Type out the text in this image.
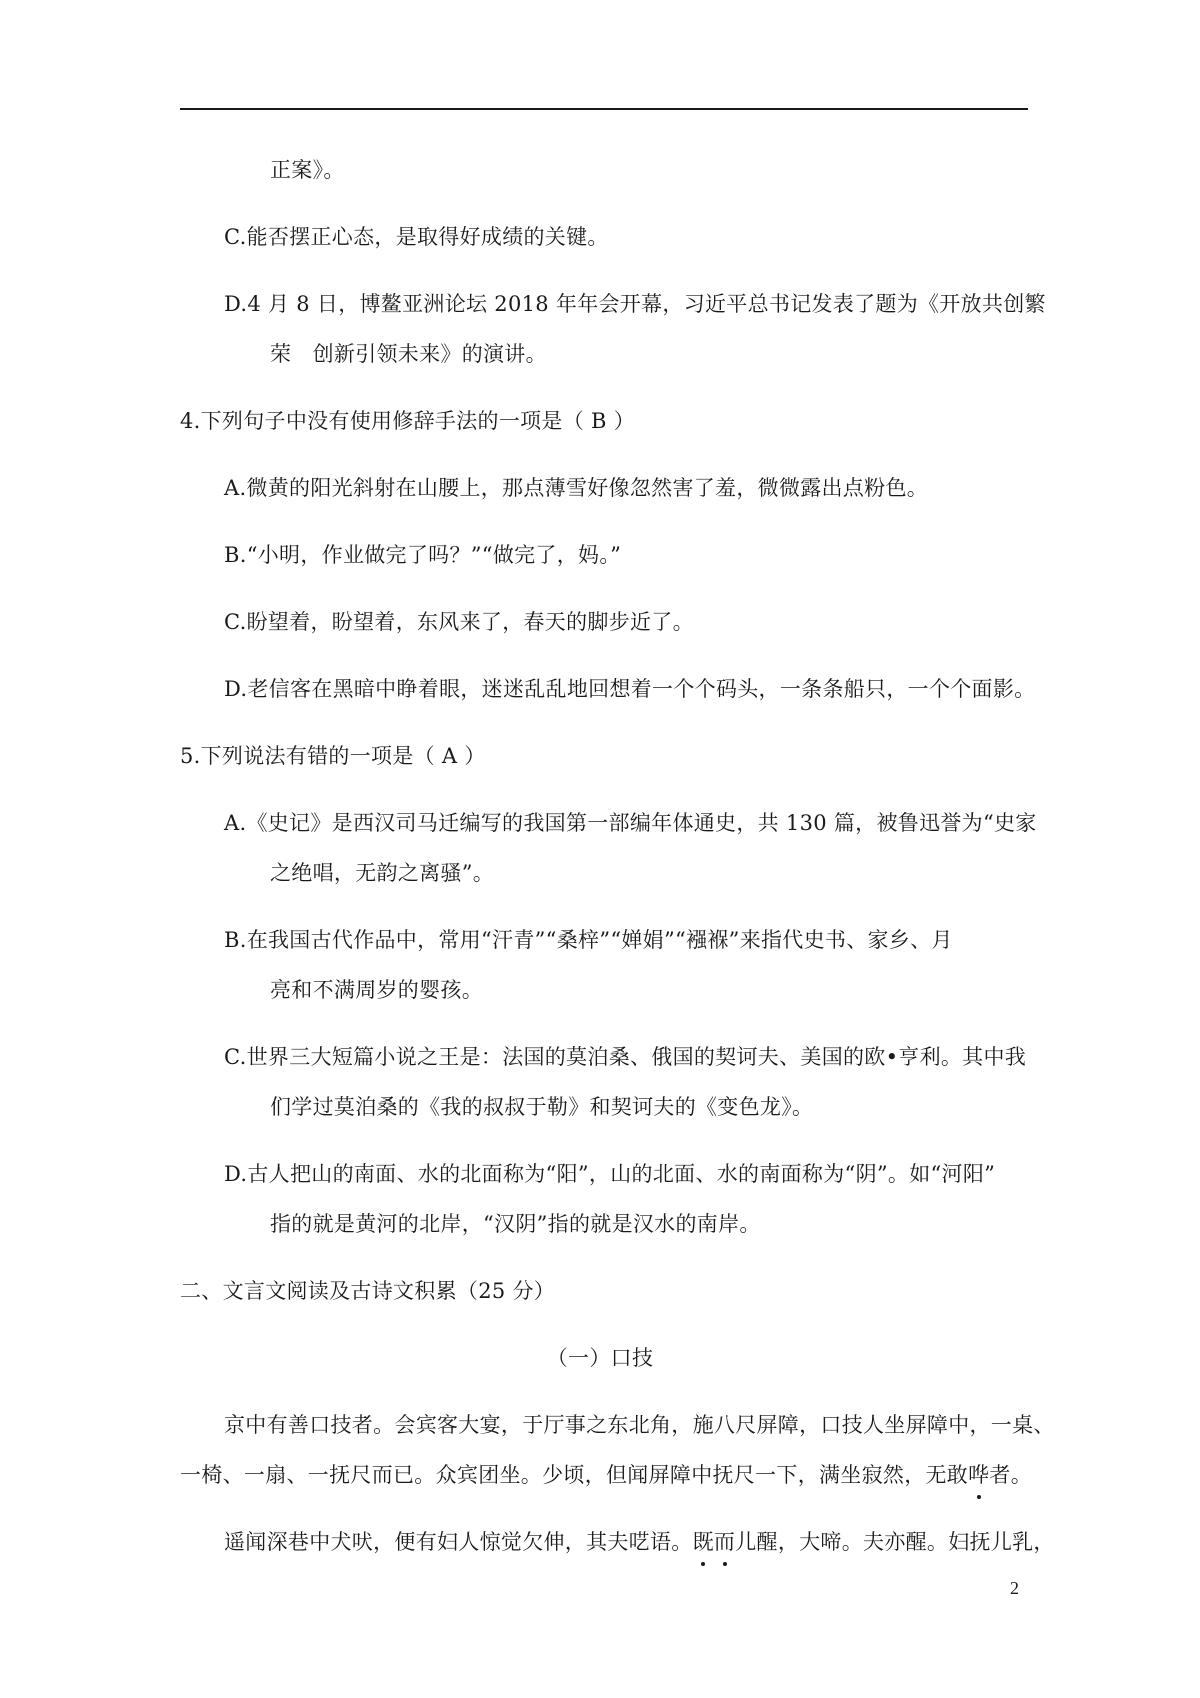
正案》。
C.能否摆正心态，是取得好成绩的关键。
D.4 月 8 日，博鳌亚洲论坛 2018 年年会开幕，习近平总书记发表了题为《开放共创繁
荣　创新引领未来》的演讲。
4.下列句子中没有使用修辞手法的一项是（ B ）
A.微黄的阳光斜射在山腰上，那点薄雪好像忽然害了羞，微微露出点粉色。
B.“小明，作业做完了吗？”“做完了，妈。”
C.盼望着，盼望着，东风来了，春天的脚步近了。
D.老信客在黑暗中睁着眼，迷迷乱乱地回想着一个个码头，一条条船只，一个个面影。
5.下列说法有错的一项是（ A ）
A.《史记》是西汉司马迁编写的我国第一部编年体通史，共 130 篇，被鲁迅誉为“史家
之绝唱，无韵之离骚”。
B.在我国古代作品中，常用“汗青”“桑梓”“婵娟”“襁褓”来指代史书、家乡、月
亮和不满周岁的婴孩。
C.世界三大短篇小说之王是：法国的莫泊桑、俄国的契诃夫、美国的欧•亨利。其中我
们学过莫泊桑的《我的叔叔于勒》和契诃夫的《变色龙》。
D.古人把山的南面、水的北面称为“阳”，山的北面、水的南面称为“阴”。如“河阳”
指的就是黄河的北岸，“汉阴”指的就是汉水的南岸。
二、文言文阅读及古诗文积累（25 分）
（一）口技
京中有善口技者。会宾客大宴，于厅事之东北角，施八尺屏障，口技人坐屏障中，一桌、
一椅、一扇、一抚尺而已。众宾团坐。少顷，但闻屏障中抚尺一下，满坐寂然，无敢哗者。
遥闻深巷中犬吠，便有妇人惊觉欠伸，其夫呓语。既而儿醒，大啼。夫亦醒。妇抚儿乳，
2
